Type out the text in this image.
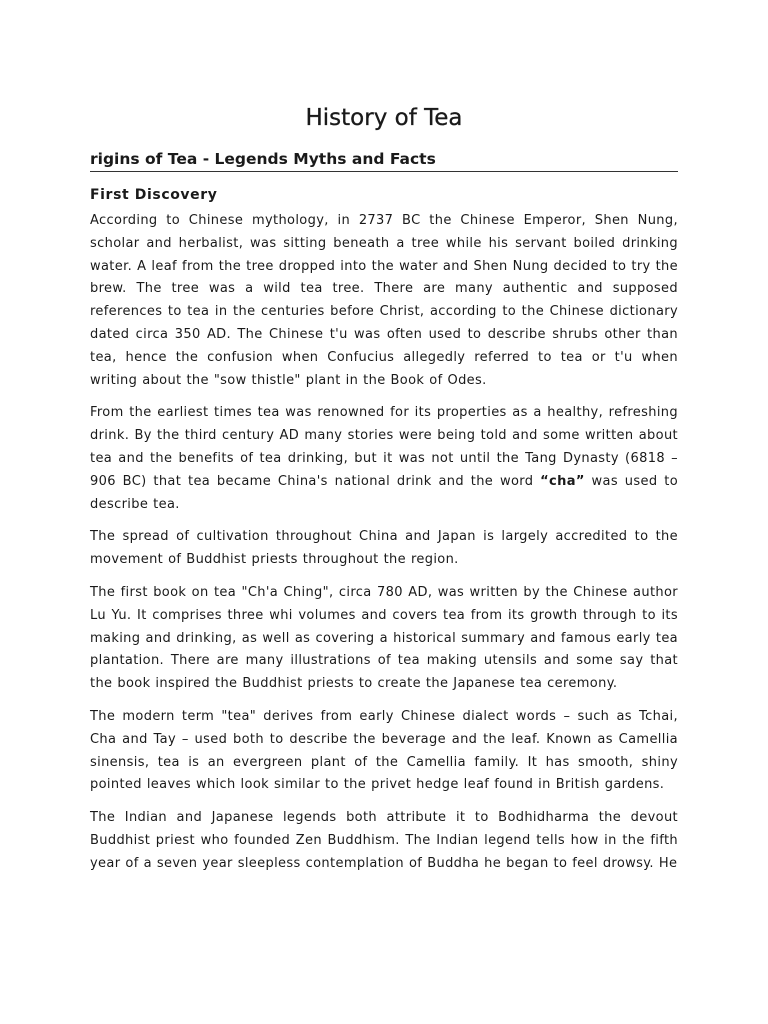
History of Tea
rigins of Tea - Legends Myths and Facts
First Discovery

According to Chinese mythology, in 2737 BC the Chinese Emperor, Shen Nung, scholar and herbalist, was sitting beneath a tree while his servant boiled drinking water. A leaf from the tree dropped into the water and Shen Nung decided to try the brew. The tree was a wild tea tree. There are many authentic and supposed references to tea in the centuries before Christ, according to the Chinese dictionary dated circa 350 AD. The Chinese t'u was often used to describe shrubs other than tea, hence the confusion when Confucius allegedly referred to tea or t'u when writing about the "sow thistle" plant in the Book of Odes.

From the earliest times tea was renowned for its properties as a healthy, refreshing drink. By the third century AD many stories were being told and some written about tea and the benefits of tea drinking, but it was not until the Tang Dynasty (6818 – 906 BC) that tea became China's national drink and the word “cha” was used to describe tea.

The spread of cultivation throughout China and Japan is largely accredited to the movement of Buddhist priests throughout the region.

The first book on tea "Ch'a Ching", circa 780 AD, was written by the Chinese author Lu Yu. It comprises three whi volumes and covers tea from its growth through to its making and drinking, as well as covering a historical summary and famous early tea plantation. There are many illustrations of tea making utensils and some say that the book inspired the Buddhist priests to create the Japanese tea ceremony.

The modern term "tea" derives from early Chinese dialect words – such as Tchai, Cha and Tay – used both to describe the beverage and the leaf. Known as Camellia sinensis, tea is an evergreen plant of the Camellia family. It has smooth, shiny pointed leaves which look similar to the privet hedge leaf found in British gardens.

The Indian and Japanese legends both attribute it to Bodhidharma the devout Buddhist priest who founded Zen Buddhism. The Indian legend tells how in the fifth year of a seven year sleepless contemplation of Buddha he began to feel drowsy. He
